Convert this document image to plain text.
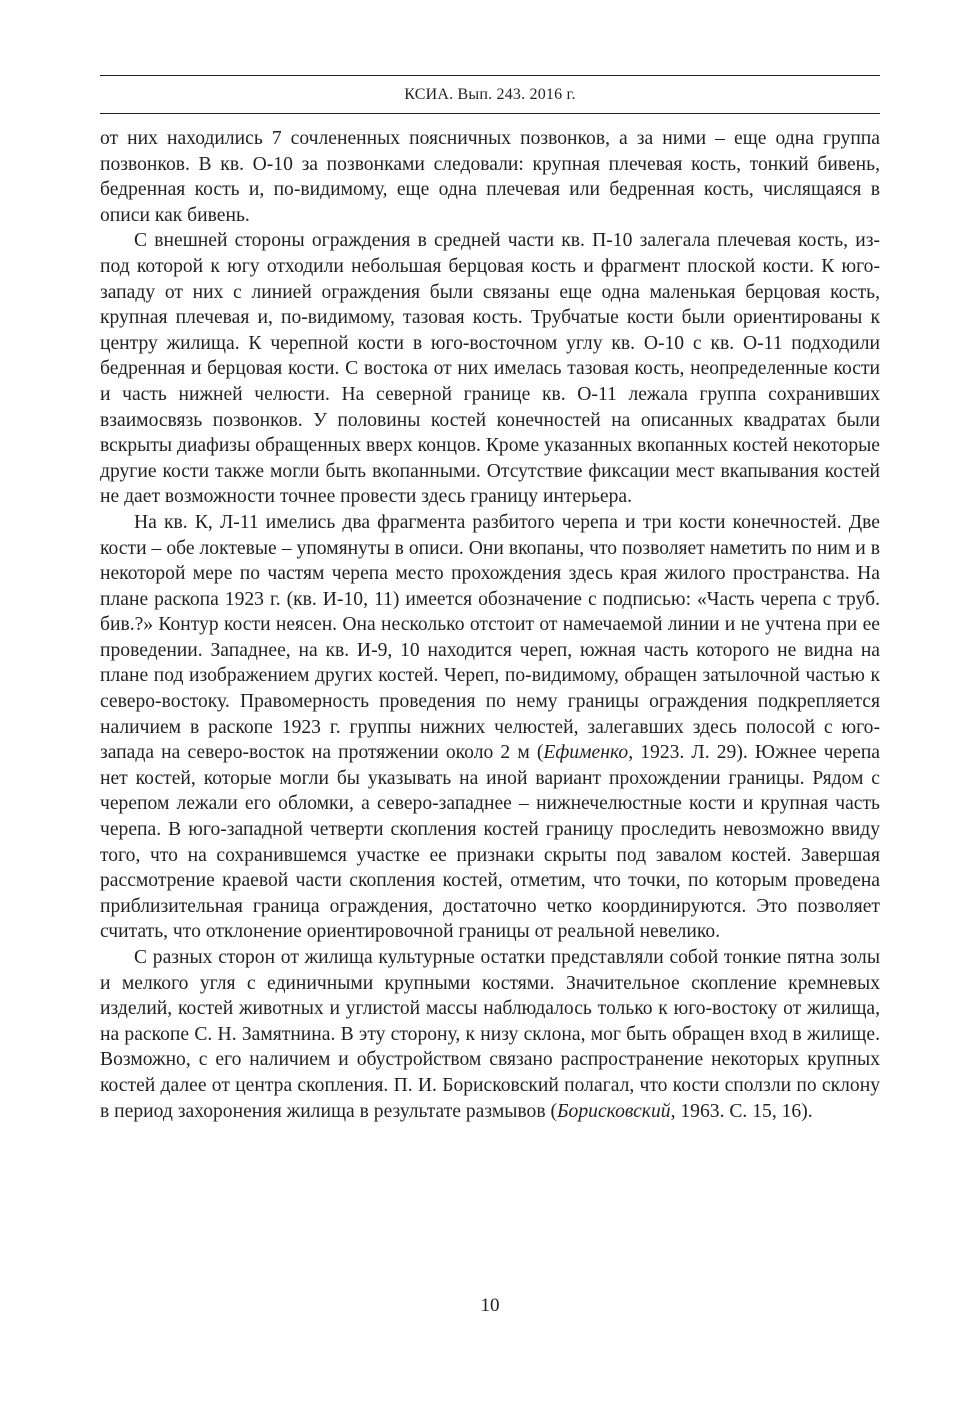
КСИА. Вып. 243. 2016 г.

от них находились 7 сочлененных поясничных позвонков, а за ними – еще одна группа позвонков. В кв. О-10 за позвонками следовали: крупная плечевая кость, тонкий бивень, бедренная кость и, по-видимому, еще одна плечевая или бедренная кость, числящаяся в описи как бивень.

С внешней стороны ограждения в средней части кв. П-10 залегала плечевая кость, из-под которой к югу отходили небольшая берцовая кость и фрагмент плоской кости. К юго-западу от них с линией ограждения были связаны еще одна маленькая берцовая кость, крупная плечевая и, по-видимому, тазовая кость. Трубчатые кости были ориентированы к центру жилища. К черепной кости в юго-восточном углу кв. О-10 с кв. О-11 подходили бедренная и берцовая кости. С востока от них имелась тазовая кость, неопределенные кости и часть нижней челюсти. На северной границе кв. О-11 лежала группа сохранивших взаимосвязь позвонков. У половины костей конечностей на описанных квадратах были вскрыты диафизы обращенных вверх концов. Кроме указанных вкопанных костей некоторые другие кости также могли быть вкопанными. Отсутствие фиксации мест вкапывания костей не дает возможности точнее провести здесь границу интерьера.

На кв. К, Л-11 имелись два фрагмента разбитого черепа и три кости конечностей. Две кости – обе локтевые – упомянуты в описи. Они вкопаны, что позволяет наметить по ним и в некоторой мере по частям черепа место прохождения здесь края жилого пространства. На плане раскопа 1923 г. (кв. И-10, 11) имеется обозначение с подписью: «Часть черепа с труб. бив.?» Контур кости неясен. Она несколько отстоит от намечаемой линии и не учтена при ее проведении. Западнее, на кв. И-9, 10 находится череп, южная часть которого не видна на плане под изображением других костей. Череп, по-видимому, обращен затылочной частью к северо-востоку. Правомерность проведения по нему границы ограждения подкрепляется наличием в раскопе 1923 г. группы нижних челюстей, залегавших здесь полосой с юго-запада на северо-восток на протяжении около 2 м (Ефименко, 1923. Л. 29). Южнее черепа нет костей, которые могли бы указывать на иной вариант прохождении границы. Рядом с черепом лежали его обломки, а северо-западнее – нижнечелюстные кости и крупная часть черепа. В юго-западной четверти скопления костей границу проследить невозможно ввиду того, что на сохранившемся участке ее признаки скрыты под завалом костей. Завершая рассмотрение краевой части скопления костей, отметим, что точки, по которым проведена приблизительная граница ограждения, достаточно четко координируются. Это позволяет считать, что отклонение ориентировочной границы от реальной невелико.

С разных сторон от жилища культурные остатки представляли собой тонкие пятна золы и мелкого угля с единичными крупными костями. Значительное скопление кремневых изделий, костей животных и углистой массы наблюдалось только к юго-востоку от жилища, на раскопе С. Н. Замятнина. В эту сторону, к низу склона, мог быть обращен вход в жилище. Возможно, с его наличием и обустройством связано распространение некоторых крупных костей далее от центра скопления. П. И. Борисковский полагал, что кости сползли по склону в период захоронения жилища в результате размывов (Борисковский, 1963. С. 15, 16).

10
